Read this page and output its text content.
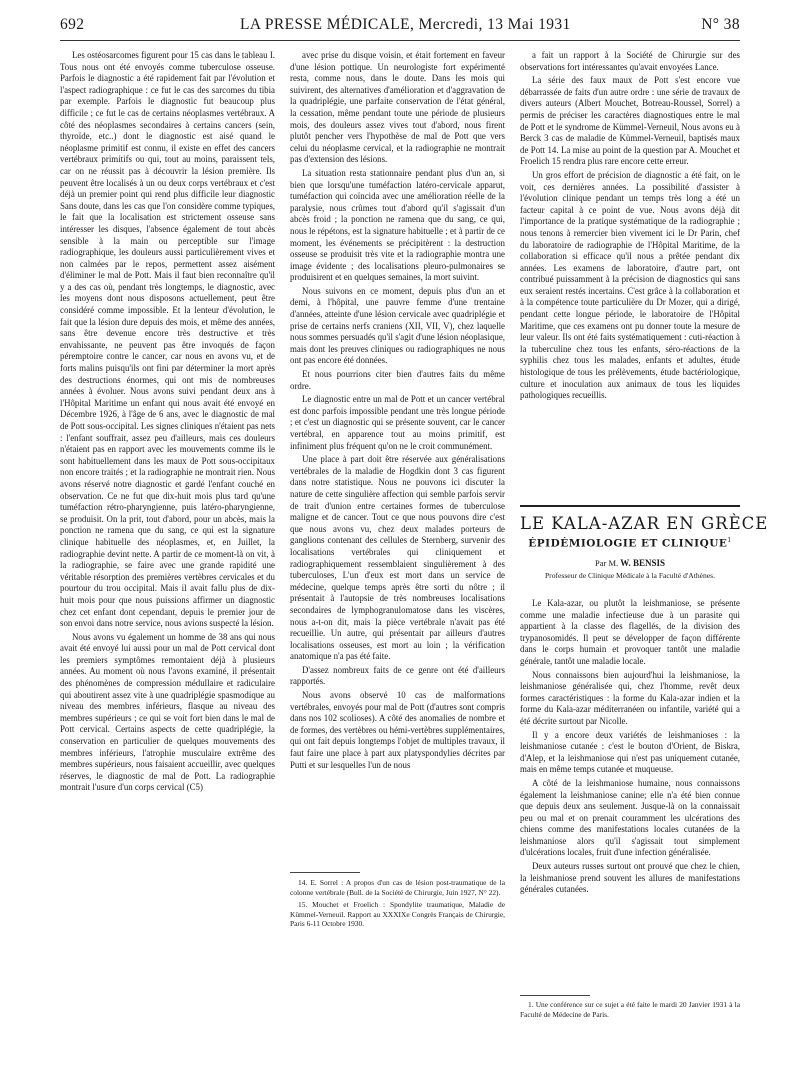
692	LA PRESSE MÉDICALE, Mercredi, 13 Mai 1931	N° 38

Les ostéosarcomes figurent pour 15 cas dans le tableau I. Tous nous ont été envoyés comme tuberculose osseuse. Parfois le diagnostic a été rapidement fait par l'évolution et l'aspect radiographique : ce fut le cas des sarcomes du tibia par exemple. Parfois le diagnostic fut beaucoup plus difficile ; ce fut le cas de certains néoplasmes vertébraux. A côté des néoplasmes secondaires à certains cancers (sein, thyroïde, etc..) dont le diagnostic est aisé quand le néoplasme primitif est connu, il existe en effet des cancers vertébraux primitifs ou qui, tout au moins, paraissent tels, car on ne réussit pas à découvrir la lésion première. Ils peuvent être localisés à un ou deux corps vertébraux et c'est déjà un premier point qui rend plus difficile leur diagnostic Sans doute, dans les cas que l'on considère comme typiques, le fait que la localisation est strictement osseuse sans intéresser les disques, l'absence également de tout abcès sensible à la main ou perceptible sur l'image radiographique, les douleurs aussi particulièrement vives et non calmées par le repos, permettent assez aisément d'éliminer le mal de Pott. Mais il faut bien reconnaître qu'il y a des cas où, pendant très longtemps, le diagnostic, avec les moyens dont nous disposons actuellement, peut être considéré comme impossible. Et la lenteur d'évolution, le fait que la lésion dure depuis des mois, et même des années, sans être devenue encore très destructive et très envahissante, ne peuvent pas être invoqués de façon péremptoire contre le cancer, car nous en avons vu, et de forts malins puisqu'ils ont fini par déterminer la mort après des destructions énormes, qui ont mis de nombreuses années à évoluer. Nous avons suivi pendant deux ans à l'Hôpital Maritime un enfant qui nous avait été envoyé en Décembre 1926, à l'âge de 6 ans, avec le diagnostic de mal de Pott sous-occipital. Les signes cliniques n'étaient pas nets : l'enfant souffrait, assez peu d'ailleurs, mais ces douleurs n'étaient pas en rapport avec les mouvements comme ils le sont habituellement dans les maux de Pott sous-occipitaux non encore traités ; et la radiographie ne montrait rien. Nous avons réservé notre diagnostic et gardé l'enfant couché en observation. Ce ne fut que dix-huit mois plus tard qu'une tuméfaction rétro-pharyngienne, puis latéro-pharyngienne, se produisit. On la prit, tout d'abord, pour un abcès, mais la ponction ne ramena que du sang, ce qui est la signature clinique habituelle des néoplasmes, et, en Juillet, la radiographie devint nette. A partir de ce moment-là on vit, à la radiographie, se faire avec une grande rapidité une véritable résorption des premières vertèbres cervicales et du pourtour du trou occipital. Mais il avait fallu plus de dix-huit mois pour que nous puissions affirmer un diagnostic chez cet enfant dont cependant, depuis le premier jour de son envoi dans notre service, nous avions suspecté la lésion.

Nous avons vu également un homme de 38 ans qui nous avait été envoyé lui aussi pour un mal de Pott cervical dont les premiers symptômes remontaient déjà à plusieurs années. Au moment où nous l'avons examiné, il présentait des phénomènes de compression médullaire et radiculaire qui aboutirent assez vite à une quadriplégie spasmodique au niveau des membres inférieurs, flasque au niveau des membres supérieurs ; ce qui se voit fort bien dans le mal de Pott cervical. Certains aspects de cette quadriplégie, la conservation en particulier de quelques mouvements des membres inférieurs, l'atrophie musculaire extrême des membres supérieurs, nous faisaient accueillir, avec quelques réserves, le diagnostic de mal de Pott. La radiographie montrait l'usure d'un corps cervical (C5)

avec prise du disque voisin, et était fortement en faveur d'une lésion pottique. Un neurologiste fort expérimenté resta, comme nous, dans le doute. Dans les mois qui suivirent, des alternatives d'amélioration et d'aggravation de la quadriplégie, une parfaite conservation de l'état général, la cessation, même pendant toute une période de plusieurs mois, des douleurs assez vives tout d'abord, nous firent plutôt pencher vers l'hypothèse de mal de Pott que vers celui du néoplasme cervical, et la radiographie ne montrait pas d'extension des lésions.

La situation resta stationnaire pendant plus d'un an, si bien que lorsqu'une tuméfaction latéro-cervicale apparut, tuméfaction qui coïncida avec une amélioration réelle de la paralysie, nous crûmes tout d'abord qu'il s'agissait d'un abcès froid ; la ponction ne ramena que du sang, ce qui, nous le répétons, est la signature habituelle ; et à partir de ce moment, les événements se précipitèrent : la destruction osseuse se produisit très vite et la radiographie montra une image évidente ; des localisations pleuro-pulmonaires se produisirent et en quelques semaines, la mort suivint.

Nous suivons en ce moment, depuis plus d'un an et demi, à l'hôpital, une pauvre femme d'une trentaine d'années, atteinte d'une lésion cervicale avec quadriplégie et prise de certains nerfs craniens (XII, VII, V), chez laquelle nous sommes persuadés qu'il s'agit d'une lésion néoplasique, mais dont les preuves cliniques ou radiographiques ne nous ont pas encore été données.

Et nous pourrions citer bien d'autres faits du même ordre.

Le diagnostic entre un mal de Pott et un cancer vertébral est donc parfois impossible pendant une très longue période ; et c'est un diagnostic qui se présente souvent, car le cancer vertébral, en apparence tout au moins primitif, est infiniment plus fréquent qu'on ne le croit communément.

Une place à part doit être réservée aux généralisations vertébrales de la maladie de Hogdkin dont 3 cas figurent dans notre statistique. Nous ne pouvons ici discuter la nature de cette singulière affection qui semble parfois servir de trait d'union entre certaines formes de tuberculose maligne et de cancer. Tout ce que nous pouvons dire c'est que nous avons vu, chez deux malades porteurs de ganglions contenant des cellules de Sternberg, survenir des localisations vertébrales qui cliniquement et radiographiquement ressemblaient singulièrement à des tuberculoses, L'un d'eux est mort dans un service de médecine, quelque temps après être sorti du nôtre ; il présentait à l'autopsie de très nombreuses localisations secondaires de lymphogranulomatose dans les viscères, nous a-t-on dit, mais la pièce vertébrale n'avait pas été recueillie. Un autre, qui présentait par ailleurs d'autres localisations osseuses, est mort au loin ; la vérification anatomique n'a pas été faite.

D'assez nombreux faits de ce genre ont été d'ailleurs rapportés.

Nous avons observé 10 cas de malformations vertébrales, envoyés pour mal de Pott (d'autres sont compris dans nos 102 scolioses). A côté des anomalies de nombre et de formes, des vertèbres ou hémi-vertèbres supplémentaires, qui ont fait depuis longtemps l'objet de multiples travaux, il faut faire une place à part aux platyspondylies décrites par Putti et sur lesquelles l'un de nous

14. E. Sorrel : A propos d'un cas de lésion post-traumatique de la colonne vertébrale (Bull. de la Société de Chirurgie, Juin 1927, N° 22).

15. Mouchet et Froelich : Spondylite traumatique, Maladie de Kümmel-Verneuil. Rapport au XXXIXe Congrès Français de Chirurgie, Paris 6-11 Octobre 1930.

a fait un rapport à la Société de Chirurgie sur des observations fort intéressantes qu'avait envoyées Lance.

La série des faux maux de Pott s'est encore vue débarrassée de faits d'un autre ordre : une série de travaux de divers auteurs (Albert Mouchet, Botreau-Roussel, Sorrel) a permis de préciser les caractères diagnostiques entre le mal de Pott et le syndrome de Kümmel-Verneuil, Nous avons eu à Berck 3 cas de maladie de Kümmel-Verneuil, baptisés maux de Pott 14. La mise au point de la question par A. Mouchet et Froelich 15 rendra plus rare encore cette erreur.

Un gros effort de précision de diagnostic a été fait, on le voit, ces dernières années. La possibilité d'assister à l'évolution clinique pendant un temps très long a été un facteur capital à ce point de vue. Nous avons déjà dit l'importance de la pratique systématique de la radiographie ; nous tenons à remercier bien vivement ici le Dr Parin, chef du laboratoire de radiographie de l'Hôpital Maritime, de la collaboration si efficace qu'il nous a prêtée pendant dix années. Les examens de laboratoire, d'autre part, ont contribué puissamment à la précision de diagnostics qui sans eux seraient restés incertains. C'est grâce à la collaboration et à la compétence toute particulière du Dr Mozer, qui a dirigé, pendant cette longue période, le laboratoire de l'Hôpital Maritime, que ces examens ont pu donner toute la mesure de leur valeur. Ils ont été faits systématiquement : cuti-réaction à la tuberculine chez tous les enfants, séro-réactions de la syphilis chez tous les malades, enfants et adultes, étude histologique de tous les prélèvements, étude bactériologique, culture et inoculation aux animaux de tous les liquides pathologiques recueillis.

LE KALA-AZAR EN GRÈCE
ÉPIDÉMIOLOGIE ET CLINIQUE$^1$
Par M. W. BENSIS
Professeur de Clinique Médicale à la Faculté d'Athènes.

Le Kala-azar, ou plutôt la leishmaniose, se présente comme une maladie infectieuse due à un parasite qui appartient à la classe des flagellés, de la division des trypanosomidés. Il peut se développer de façon différente dans le corps humain et provoquer tantôt une maladie générale, tantôt une maladie locale.

Nous connaissons bien aujourd'hui la leishmaniose, la leishmaniose généralisée qui, chez l'homme, revêt deux formes caractéristiques : la forme du Kala-azar indien et la forme du Kala-azar méditerranéen ou infantile, variété qui a été décrite surtout par Nicolle.

Il y a encore deux variétés de leishmanioses : la leishmaniose cutanée : c'est le bouton d'Orient, de Biskra, d'Alep, et la leishmaniose qui n'est pas uniquement cutanée, mais en même temps cutanée et muqueuse.

A côté de la leishmaniose humaine, nous connaissons également la leishmaniose canine; elle n'a été bien connue que depuis deux ans seulement. Jusque-là on la connaissait peu ou mal et on prenait couramment les ulcérations des chiens comme des manifestations locales cutanées de la leishmaniose alors qu'il s'agissait tout simplement d'ulcérations locales, fruit d'une infection généralisée.

Deux auteurs russes surtout ont prouvé que chez le chien, la leishmaniose prend souvent les allures de manifestations générales cutanées.

1. Une conférence sur ce sujet a été faite le mardi 20 Janvier 1931 à la Faculté de Médecine de Paris.
